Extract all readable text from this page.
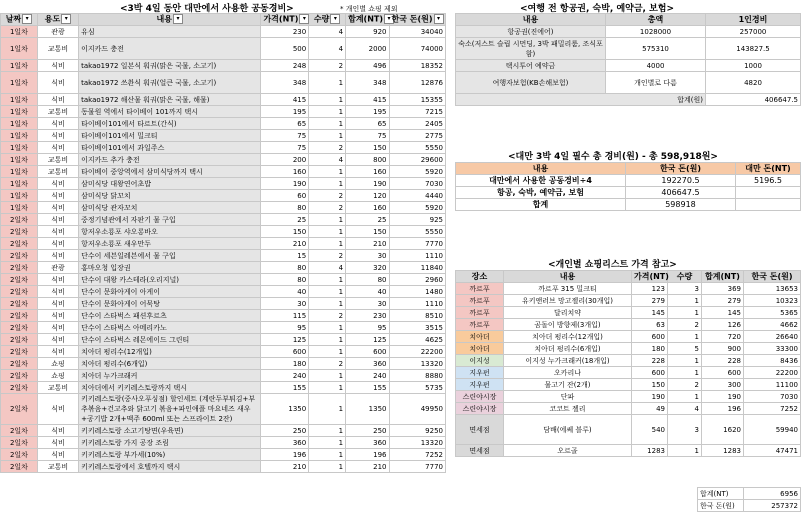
<3박 4일 동안 대만에서 사용한 공동경비>	* 개인별 쇼핑 제외
날짜 ▾	용도 ▾	내용 ▾	가격(NT) ▾	수량 ▾	합계(NT) ▾	한국 돈(원) ▾
1일차	관광	유심	230	4	920	34040
1일차	교통비	이지카드 충전	500	4	2000	74000
1일차	식비	takao1972 일본식 훠궈(맑은 국물, 소고기)	248	2	496	18352
1일차	식비	takao1972 쓰촨식 훠궈(얼큰 국물, 소고기)	348	1	348	12876
1일차	식비	takao1972 해산물 훠궈(맑은 국물, 해물)	415	1	415	15355
1일차	교통비	동물원 역에서 타이베이 101까지 택시	195	1	195	7215
1일차	식비	타이베이101에서 타르트(간식)	65	1	65	2405
1일차	식비	타이베이101에서 밀크티	75	1	75	2775
1일차	식비	타이베이101에서 과일주스	75	2	150	5550
1일차	교통비	이지카드 추가 충전	200	4	800	29600
1일차	교통비	타이베이 중앙역에서 삼미식당까지 택시	160	1	160	5920
1일차	식비	삼미식당 대왕연어초밥	190	1	190	7030
1일차	식비	삼미식당 닭꼬치	60	2	120	4440
1일차	식비	삼미식당 관자꼬치	80	2	160	5920
2일차	식비	중정기념관에서 자판기 물 구입	25	1	25	925
2일차	식비	항저우소룡포 샤오롱바오	150	1	150	5550
2일차	식비	항저우소룡포 새우만두	210	1	210	7770
2일차	식비	단수이 세븐일레븐에서 물 구입	15	2	30	1110
2일차	관광	홍마오청 입장권	80	4	320	11840
2일차	식비	단수이 대왕 카스테라(오리지널)	80	1	80	2960
2일차	식비	단수이 문화아게이 아게이	40	1	40	1480
2일차	식비	단수이 문화아게이 어묵탕	30	1	30	1110
2일차	식비	단수이 스타벅스 패션후르츠	115	2	230	8510
2일차	식비	단수이 스타벅스 아메리카노	95	1	95	3515
2일차	식비	단수이 스타벅스 레몬에이드 그린티	125	1	125	4625
2일차	식비	치아더 펑리수(12개입)	600	1	600	22200
2일차	쇼핑	치아더 펑리수(6개입)	180	2	360	13320
2일차	쇼핑	치아더 누가크래커	240	1	240	8880
2일차	교통비	치아더에서 키키레스토랑까지 택시	155	1	155	5735
2일차	식비	키키레스토랑(중사오푸싱점) 할인세트 (계란두부튀김+부추볶음+건고추와 닭고기 볶음+파인애플 마요네즈 새우+공기밥 2개+맥주 600ml 또는 스프라이트 2잔)	1350	1	1350	49950
2일차	식비	키키레스토랑 소고기탕면(우육면)	250	1	250	9250
2일차	식비	키키레스토랑 가지 공장 조림	360	1	360	13320
2일차	식비	키키레스토랑 부가세(10%)	196	1	196	7252
2일차	교통비	키키레스토랑에서 호텔까지 택시	210	1	210	7770
<여행 전 항공권, 숙박, 예약금, 보험>
내용	총액	1인경비
항공권(진에어)	1028000	257000
숙소(저스트 슬립 시먼딩, 3박 패밀리룸, 조식포함)	575310	143827.5
택시투어 예약금	4000	1000
여행자보험(KB손해보험)	개인별로 다름	4820
합계(원)		406647.5
<대만 3박 4일 필수 총 경비(원) - 총 598,918원>
내용	한국 돈(원)	대만 돈(NT)
대만에서 사용한 공동경비÷4	192270.5	5196.5
항공, 숙박, 예약금, 보험	406647.5	
합계	598918	
<개인별 쇼핑리스트 가격 참고>
장소	내용	가격(NT)	수량	합계(NT)	한국 돈(원)
까르푸	까르푸 315 밀크티	123	3	369	13653
까르푸	유키앤러브 망고젤리(30개입)	279	1	279	10323
까르푸	달리치약	145	1	145	5365
까르푸	곰돌이 방향제(3개입)	63	2	126	4662
치아더	치아더 펑리수(12개입)	600	1	720	26640
치아더	치아더 펑리수(6개입)	180	5	900	33300
이지성	이지성 누가크래커(18개입)	228	1	228	8436
지우펀	오카리나	600	1	600	22200
지우펀	물고기 잔(2개)	150	2	300	11100
스린야시장	단파	190	1	190	7030
스린야시장	코코트 젤리	49	4	196	7252
면세점	담배(에쎄 블루)	540	3	1620	59940
면세점	오르골	1283	1	1283	47471
합계(NT)	6956
한국 돈(원)	257372
